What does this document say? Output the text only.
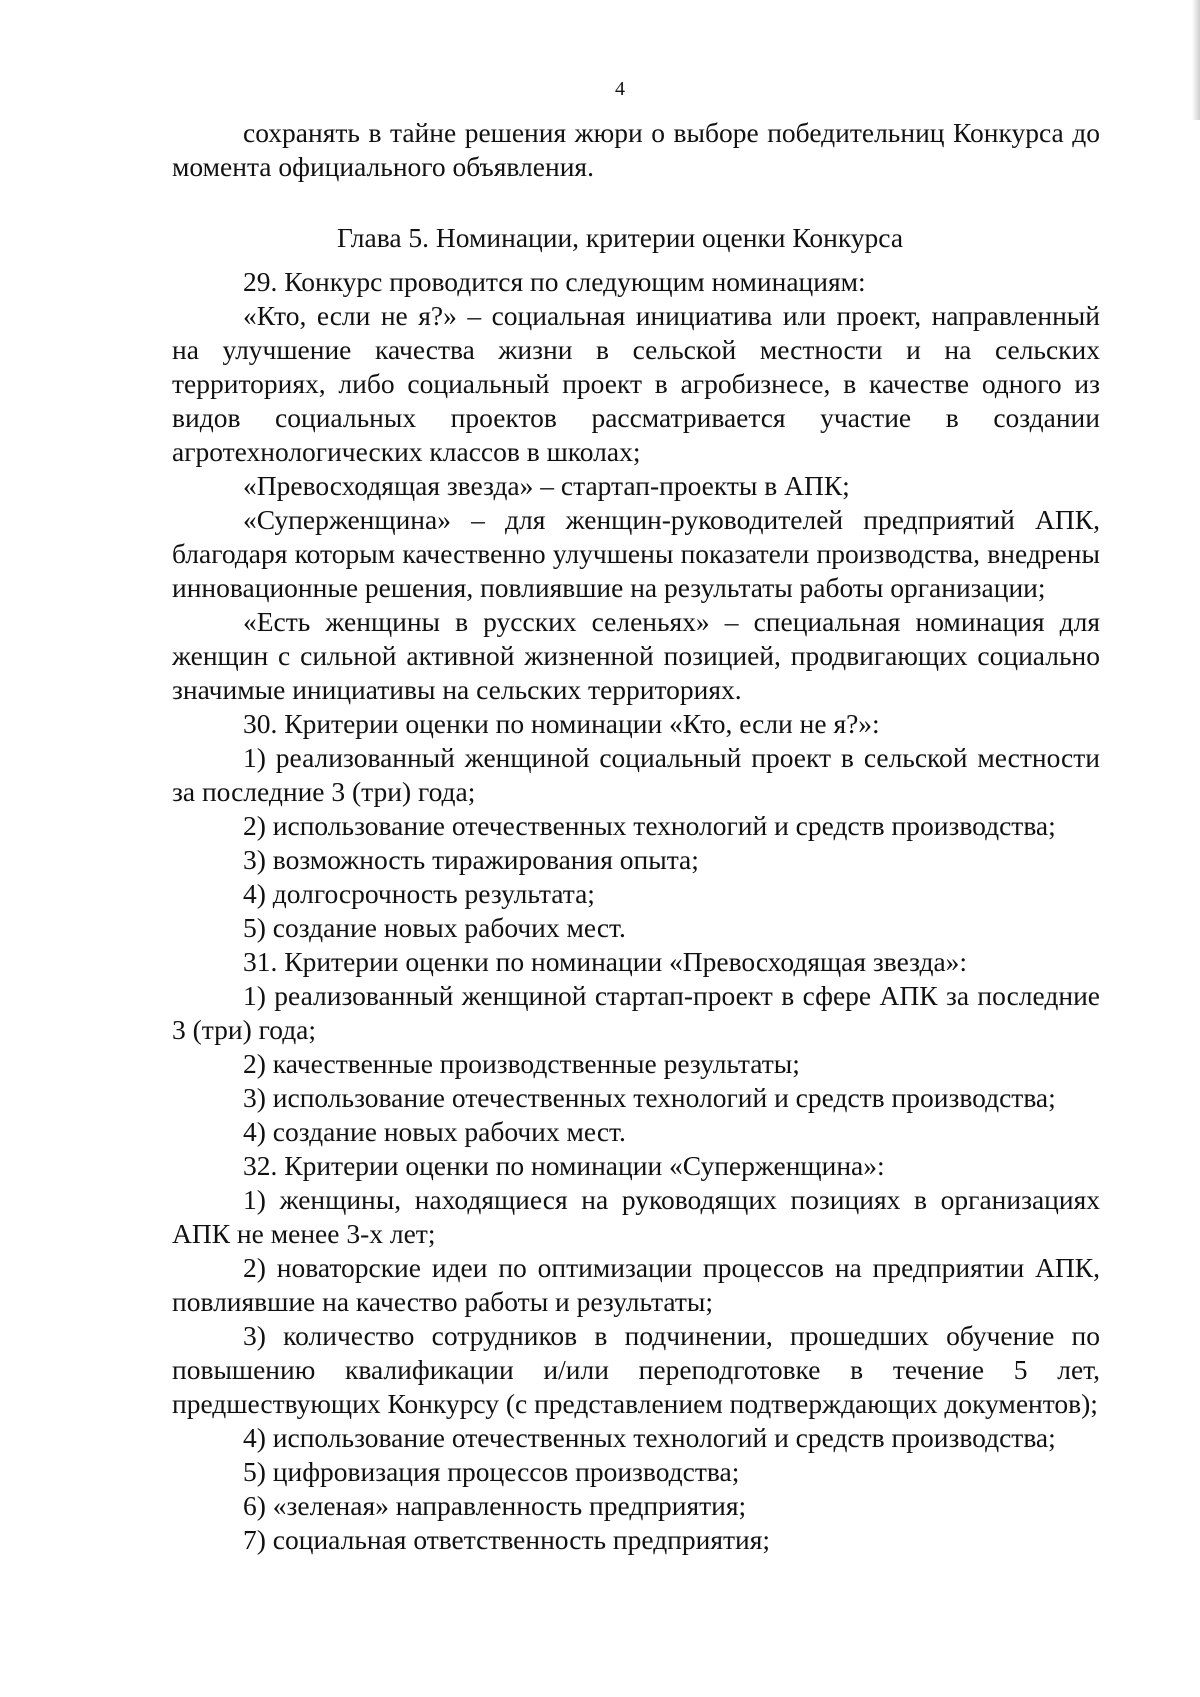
4

сохранять в тайне решения жюри о выборе победительниц Конкурса до момента официального объявления.

Глава 5. Номинации, критерии оценки Конкурса

29. Конкурс проводится по следующим номинациям:

«Кто, если не я?» – социальная инициатива или проект, направленный на улучшение качества жизни в сельской местности и на сельских территориях, либо социальный проект в агробизнесе, в качестве одного из видов социальных проектов рассматривается участие в создании агротехнологических классов в школах;

«Превосходящая звезда» – стартап-проекты в АПК;

«Суперженщина» – для женщин-руководителей предприятий АПК, благодаря которым качественно улучшены показатели производства, внедрены инновационные решения, повлиявшие на результаты работы организации;

«Есть женщины в русских селеньях» – специальная номинация для женщин с сильной активной жизненной позицией, продвигающих социально значимые инициативы на сельских территориях.

30. Критерии оценки по номинации «Кто, если не я?»:

1) реализованный женщиной социальный проект в сельской местности за последние 3 (три) года;

2) использование отечественных технологий и средств производства;

3) возможность тиражирования опыта;

4) долгосрочность результата;

5) создание новых рабочих мест.

31. Критерии оценки по номинации «Превосходящая звезда»:

1) реализованный женщиной стартап-проект в сфере АПК за последние 3 (три) года;

2) качественные производственные результаты;

3) использование отечественных технологий и средств производства;

4) создание новых рабочих мест.

32. Критерии оценки по номинации «Суперженщина»:

1) женщины, находящиеся на руководящих позициях в организациях АПК не менее 3-х лет;

2) новаторские идеи по оптимизации процессов на предприятии АПК, повлиявшие на качество работы и результаты;

3) количество сотрудников в подчинении, прошедших обучение по повышению квалификации и/или переподготовке в течение 5 лет, предшествующих Конкурсу (с представлением подтверждающих документов);

4) использование отечественных технологий и средств производства;

5) цифровизация процессов производства;

6) «зеленая» направленность предприятия;

7) социальная ответственность предприятия;
